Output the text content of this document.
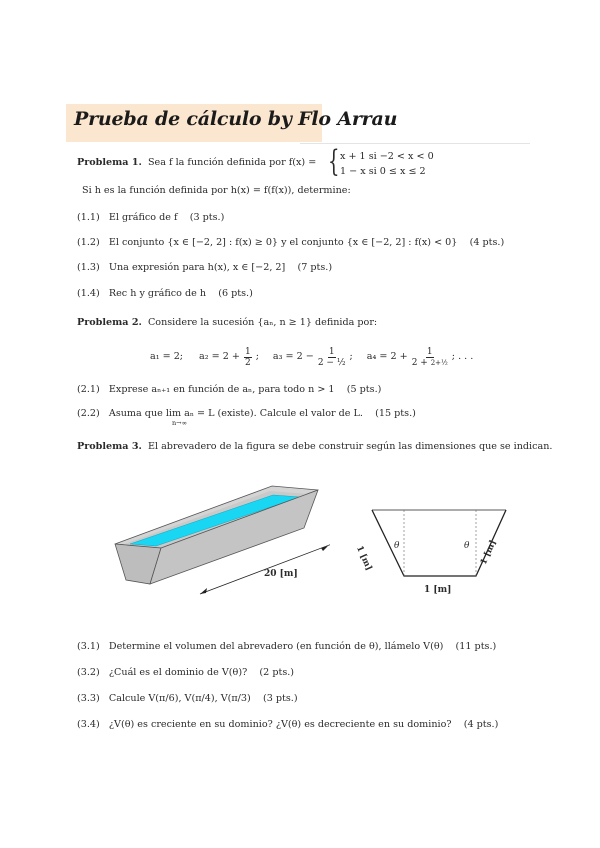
Prueba de cálculo by Flo Arrau
Problema 1. Sea f la función definida por f(x) = { x + 1 si −2 < x < 0
1 − x si 0 ≤ x ≤ 2
Si h es la función definida por h(x) = f(f(x)), determine:
(1.1) El gráfico de f (3 pts.)
(1.2) El conjunto {x ∈ [−2, 2] : f(x) ≥ 0} y el conjunto {x ∈ [−2, 2] : f(x) < 0} (4 pts.)
(1.3) Una expresión para h(x), x ∈ [−2, 2] (7 pts.)
(1.4) Rec h y gráfico de h (6 pts.)
Problema 2. Considere la sucesión {aₙ, n ≥ 1} definida por:
a₁ = 2; $a_2 = 2 + \frac{1}{2}$ ; $a_3 = 2 - \frac{1}{\text{2 − ½}}$ ; $a_4 = 2 + \frac{1}{\text{2 + 2+½}}$ ; . . .
(2.1) Exprese aₙ₊₁ en función de aₙ, para todo n > 1 (5 pts.)
(2.2) Asuma que lim aₙ = L (existe). Calcule el valor de L. (15 pts.)
n→∞
Problema 3. El abrevadero de la figura se debe construir según las dimensiones que se indican.
20 [m]
θ	θ
1 [m]	1 [m]
1 [m]
(3.1) Determine el volumen del abrevadero (en función de θ), llámelo V(θ) (11 pts.)
(3.2) ¿Cuál es el dominio de V(θ)? (2 pts.)
(3.3) Calcule V(π/6), V(π/4), V(π/3) (3 pts.)
(3.4) ¿V(θ) es creciente en su dominio? ¿V(θ) es decreciente en su dominio? (4 pts.)
